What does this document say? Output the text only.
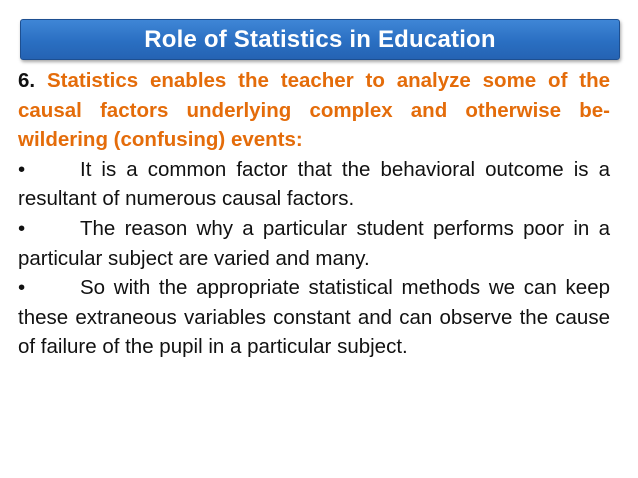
Role of Statistics in Education

6. Statistics enables the teacher to analyze some of the causal factors underlying complex and otherwise be-wildering (confusing) events:

•	It is a common factor that the behavioral outcome is a resultant of numerous causal factors.

•	The reason why a particular student performs poor in a particular subject are varied and many.

•	So with the appropriate statistical methods we can keep these extraneous variables constant and can observe the cause of failure of the pupil in a particular subject.
